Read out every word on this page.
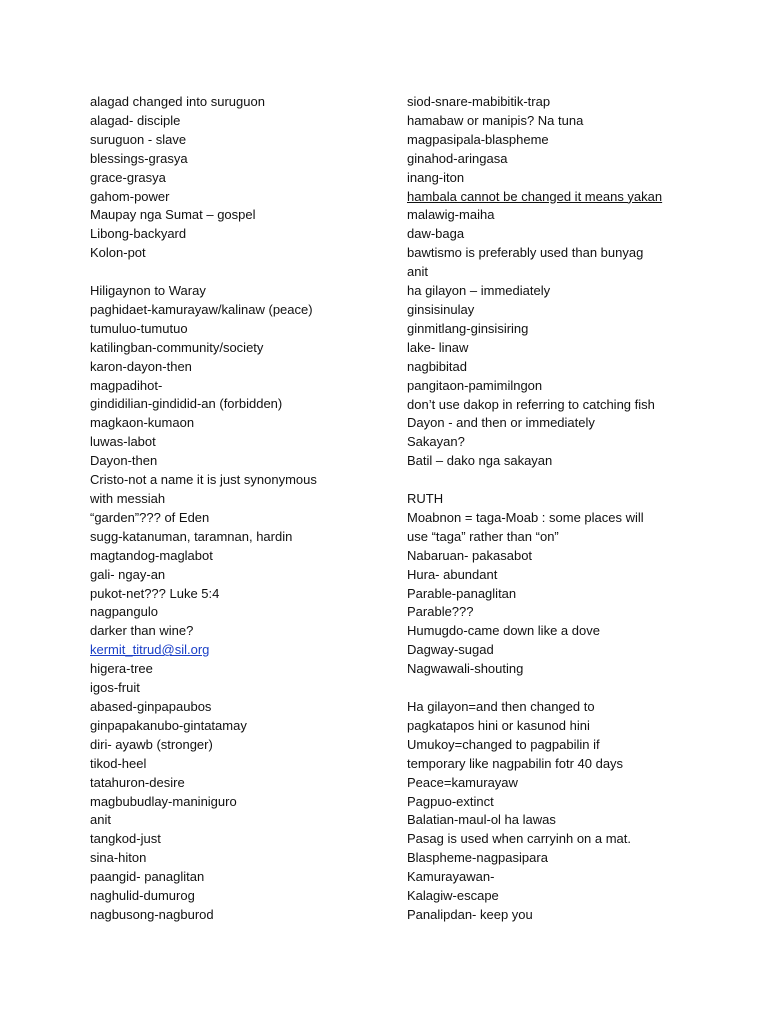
alagad changed into suruguon
alagad- disciple
suruguon - slave
blessings-grasya
grace-grasya
gahom-power
Maupay nga Sumat – gospel
Libong-backyard
Kolon-pot
Hiligaynon to Waray
paghidaet-kamurayaw/kalinaw (peace)
tumuluo-tumutuo
katilingban-community/society
karon-dayon-then
magpadihot-
gindidilian-gindidid-an (forbidden)
magkaon-kumaon
luwas-labot
Dayon-then
Cristo-not a name it is just synonymous
with messiah
“garden”??? of Eden
sugg-katanuman, taramnan, hardin
magtandog-maglabot
gali- ngay-an
pukot-net??? Luke 5:4
nagpangulo
darker than wine?
kermit_titrud@sil.org
higera-tree
igos-fruit
abased-ginpapaubos
ginpapakanubo-gintatamay
diri- ayawb (stronger)
tikod-heel
tatahuron-desire
magbubudlay-maniniguro
anit
tangkod-just
sina-hiton
paangid- panaglitan
naghulid-dumurog
nagbusong-nagburod
siod-snare-mabibitik-trap
hamabaw or manipis? Na tuna
magpasipala-blaspheme
ginahod-aringasa
inang-iton
hambala cannot be changed it means yakan
malawig-maiha
daw-baga
bawtismo is preferably used than bunyag
anit
ha gilayon – immediately
ginsisinulay
ginmitlang-ginsisiring
lake- linaw
nagbibitad
pangitaon-pamimilngon
don’t use dakop in referring to catching fish
Dayon - and then or immediately
Sakayan?
Batil – dako nga sakayan
RUTH
Moabnon = taga-Moab : some places will
use “taga” rather than “on”
Nabaruan- pakasabot
Hura- abundant
Parable-panaglitan
Parable???
Humugdo-came down like a dove
Dagway-sugad
Nagwawali-shouting
Ha gilayon=and then changed to
pagkatapos hini or kasunod hini
Umukoy=changed to pagpabilin if
temporary like nagpabilin fotr 40 days
Peace=kamurayaw
Pagpuo-extinct
Balatian-maul-ol ha lawas
Pasag is used when carryinh on a mat.
Blaspheme-nagpasipara
Kamurayawan-
Kalagiw-escape
Panalipdan- keep you
